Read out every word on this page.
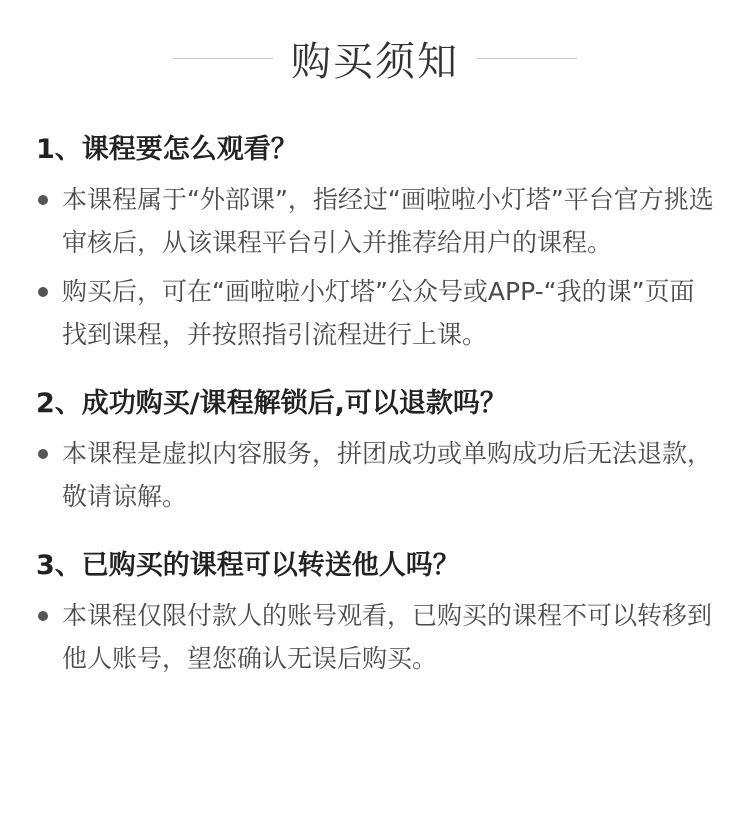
购买须知
1、课程要怎么观看？
本课程属于“外部课”，指经过“画啦啦小灯塔”平台官方挑选审核后，从该课程平台引入并推荐给用户的课程。
购买后，可在“画啦啦小灯塔”公众号或APP-“我的课”页面找到课程，并按照指引流程进行上课。
2、成功购买/课程解锁后,可以退款吗？
本课程是虚拟内容服务，拼团成功或单购成功后无法退款，敬请谅解。
3、已购买的课程可以转送他人吗？
本课程仅限付款人的账号观看，已购买的课程不可以转移到他人账号，望您确认无误后购买。
